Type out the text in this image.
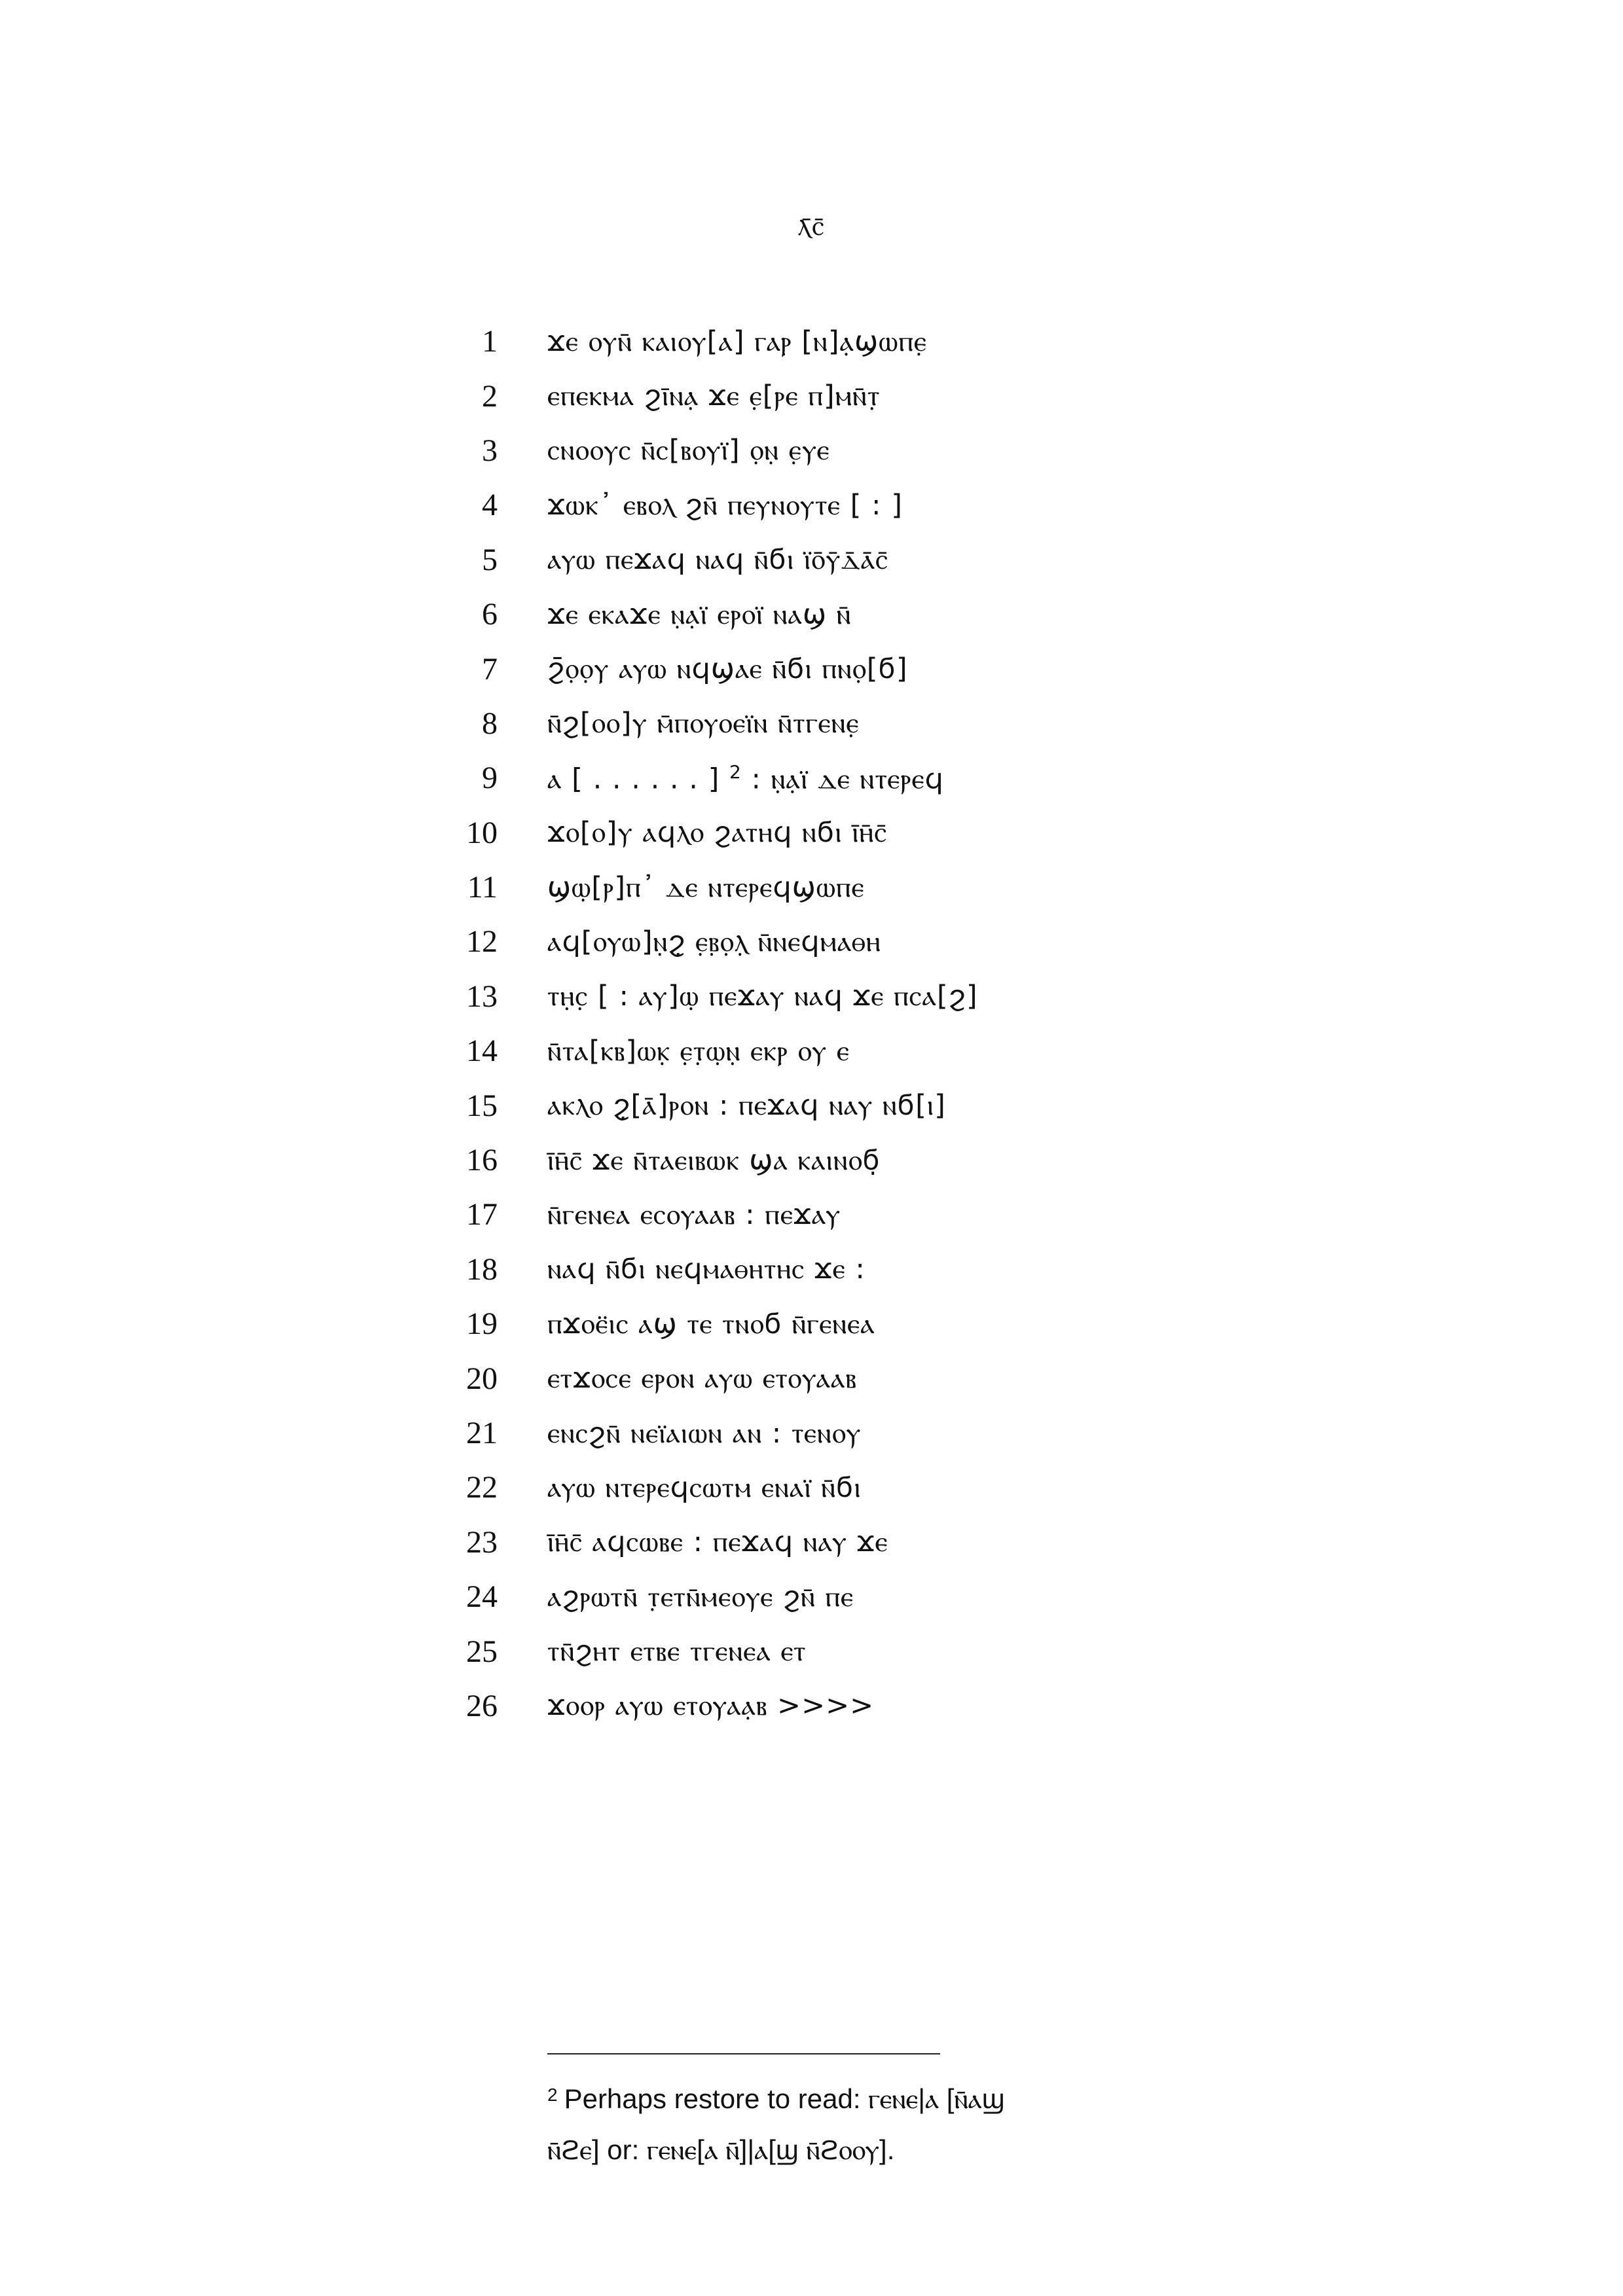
ⲗ̄ⲥ̄
1 ϫⲉ ⲟⲩⲛ̄ ⲕⲁⲓⲟⲩ[ⲁ] ⲅⲁⲣ̣ [ⲛ]ⲁ̣ϣⲱⲡⲉ̣
2 ⲉⲡⲉⲕⲙⲁ ϩⲓ̄ⲛⲁ̣ ϫⲉ ⲉ̣[ⲣⲉ ⲡ]ⲙⲛ̄ⲧ̣
3 ⲥⲛⲟⲟⲩⲥ ⲛ̄ⲥ[ⲃⲟⲩⲓ̈] ⲟ̣ⲛ̣ ⲉ̣ⲩⲉ
4 ϫⲱⲕ᾽ ⲉⲃⲟⲗ ϩⲛ̄ ⲡⲉⲩⲛⲟⲩⲧⲉ [ : ]
5 ⲁⲩⲱ ⲡⲉϫⲁϥ ⲛⲁϥ ⲛ̄ϭⲓ ⲓ̈ⲟ̄ⲩ̄ⲇ̄ⲁ̄ⲥ̄
6 ϫⲉ ⲉⲕⲁϫⲉ ⲛ̣ⲁ̣ⲓ̈ ⲉⲣⲟⲓ̈ ⲛⲁϣ ⲛ̄
7 ϩ̄ⲟ̣ⲟ̣ⲩ̣ ⲁⲩⲱ ⲛϥϣⲁⲉ ⲛ̄ϭⲓ ⲡⲛⲟ̣[ϭ]
8 ⲛ̄ϩ[ⲟⲟ]ⲩ ⲙ̄ⲡⲟⲩⲟⲉⲓ̈ⲛ ⲛ̄ⲧⲅⲉⲛⲉ̣
9 ⲁ [ . . . . . . ] $^2$ : ⲛ̣ⲁ̣ⲓ̈ ⲇⲉ ⲛⲧⲉⲣⲉϥ
10 ϫⲟ[ⲟ]ⲩ ⲁϥⲗⲟ ϩⲁⲧⲏϥ ⲛϭⲓ ⲓ̄ⲏ̄ⲥ̄
11 ϣⲱ̣[ⲣ]ⲡ᾽ ⲇⲉ ⲛⲧⲉⲣⲉϥϣⲱⲡⲉ
12 ⲁϥ[ⲟⲩⲱ]ⲛ̣ϩ̣ ⲉ̣ⲃ̣ⲟ̣ⲗ̣ ⲛ̄ⲛⲉϥⲙⲁⲑⲏ
13 ⲧⲏ̣ⲥ̣ [ : ⲁⲩ]ⲱ̣ ⲡⲉϫⲁⲩ ⲛⲁϥ ϫⲉ ⲡⲥⲁ[ϩ]
14 ⲛ̄ⲧⲁ[ⲕⲃ]ⲱⲕ̣ ⲉ̣ⲧ̣ⲱ̣ⲛ̣ ⲉⲕⲣ̣ ⲟⲩ ⲉ
15 ⲁⲕⲗⲟ ϩ̣[ⲁ̄]ⲣⲟⲛ : ⲡⲉϫⲁϥ ⲛⲁⲩ ⲛϭ[ⲓ]
16 ⲓ̄ⲏ̄ⲥ̄ ϫⲉ ⲛ̄ⲧⲁⲉⲓⲃⲱⲕ ϣⲁ ⲕⲁⲓⲛⲟϭ̣
17 ⲛ̄ⲅⲉⲛⲉⲁ ⲉⲥⲟⲩⲁⲁⲃ : ⲡⲉϫⲁⲩ
18 ⲛⲁϥ ⲛ̄ϭⲓ ⲛⲉϥⲙⲁⲑⲏⲧⲏⲥ ϫⲉ :
19 ⲡϫⲟⲉ̈ⲓⲥ ⲁϣ ⲧⲉ ⲧⲛⲟϭ ⲛ̄ⲅⲉⲛⲉⲁ
20 ⲉⲧϫⲟⲥⲉ ⲉⲣⲟⲛ ⲁⲩⲱ ⲉⲧⲟⲩⲁⲁⲃ
21 ⲉⲛⲥϩⲛ̄ ⲛⲉⲓ̈ⲁⲓⲱⲛ ⲁⲛ : ⲧⲉⲛⲟⲩ
22 ⲁⲩⲱ ⲛⲧⲉⲣⲉϥⲥⲱⲧⲙ ⲉⲛⲁⲓ̈ ⲛ̄ϭⲓ
23 ⲓ̄ⲏ̄ⲥ̄ ⲁϥⲥⲱⲃⲉ : ⲡⲉϫⲁϥ ⲛⲁⲩ ϫⲉ
24 ⲁϩⲣⲱⲧⲛ̄ ⲧ̣ⲉⲧⲛ̄ⲙⲉⲟⲩⲉ ϩⲛ̄ ⲡⲉ
25 ⲧⲛ̄ϩⲏⲧ ⲉⲧⲃⲉ ⲧⲅⲉⲛⲉⲁ ⲉⲧ
26 ϫⲟⲟⲣ ⲁⲩⲱ ⲉⲧⲟⲩⲁⲁ̣ⲃ >>>>
$^2$ Perhaps restore to read: ⲅⲉⲛⲉ|ⲁ [ⲛ̄ⲁϣ
ⲛ̄ϩⲉ] or: ⲅⲉⲛⲉ[ⲁ ⲛ̄]|ⲁ[ϣ ⲛ̄ϩⲟⲟⲩ].
